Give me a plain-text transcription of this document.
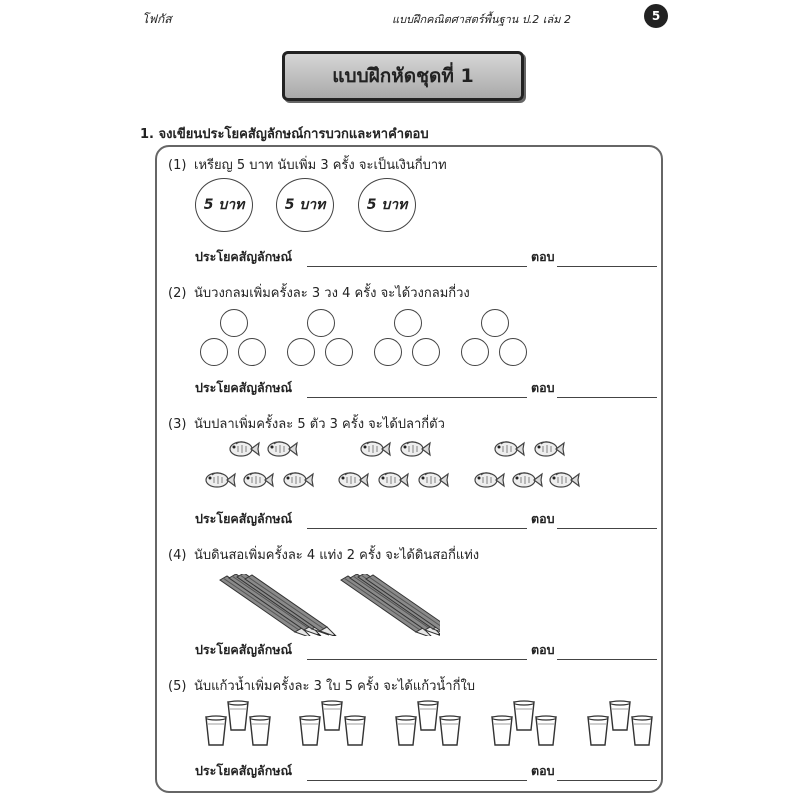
โฟกัส	แบบฝึกคณิตศาสตร์พื้นฐาน ป.2 เล่ม 2	5
แบบฝึกหัดชุดที่ 1
1. จงเขียนประโยคสัญลักษณ์การบวกและหาคำตอบ
(1) เหรียญ 5 บาท นับเพิ่ม 3 ครั้ง จะเป็นเงินกี่บาท
5 บาท	5 บาท	5 บาท
ประโยคสัญลักษณ์	ตอบ
(2) นับวงกลมเพิ่มครั้งละ 3 วง 4 ครั้ง จะได้วงกลมกี่วง
ประโยคสัญลักษณ์	ตอบ
(3) นับปลาเพิ่มครั้งละ 5 ตัว 3 ครั้ง จะได้ปลากี่ตัว
ประโยคสัญลักษณ์	ตอบ
(4) นับดินสอเพิ่มครั้งละ 4 แท่ง 2 ครั้ง จะได้ดินสอกี่แท่ง
ประโยคสัญลักษณ์	ตอบ
(5) นับแก้วน้ำเพิ่มครั้งละ 3 ใบ 5 ครั้ง จะได้แก้วน้ำกี่ใบ
ประโยคสัญลักษณ์	ตอบ
